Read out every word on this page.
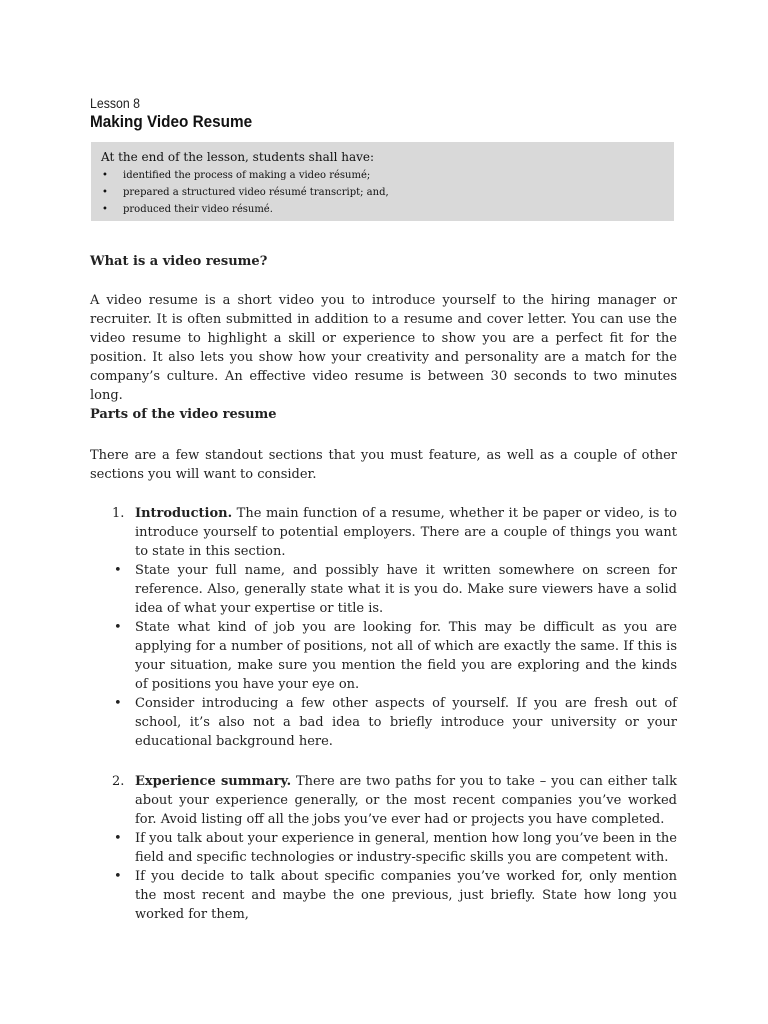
Lesson 8
Making Video Resume

At the end of the lesson, students shall have:

• identified the process of making a video résumé;
• prepared a structured video résumé transcript; and,
• produced their video résumé.
What is a video resume?

A video resume is a short video you to introduce yourself to the hiring manager or recruiter. It is often submitted in addition to a resume and cover letter. You can use the video resume to highlight a skill or experience to show you are a perfect fit for the position. It also lets you show how your creativity and personality are a match for the company’s culture. An effective video resume is between 30 seconds to two minutes long.

Parts of the video resume

There are a few standout sections that you must feature, as well as a couple of other sections you will want to consider.

1. Introduction. The main function of a resume, whether it be paper or video, is to introduce yourself to potential employers. There are a couple of things you want to state in this section.
• State your full name, and possibly have it written somewhere on screen for reference. Also, generally state what it is you do. Make sure viewers have a solid idea of what your expertise or title is.
• State what kind of job you are looking for. This may be difficult as you are applying for a number of positions, not all of which are exactly the same. If this is your situation, make sure you mention the field you are exploring and the kinds of positions you have your eye on.
• Consider introducing a few other aspects of yourself. If you are fresh out of school, it’s also not a bad idea to briefly introduce your university or your educational background here.
2. Experience summary. There are two paths for you to take – you can either talk about your experience generally, or the most recent companies you’ve worked for. Avoid listing off all the jobs you’ve ever had or projects you have completed.
• If you talk about your experience in general, mention how long you’ve been in the field and specific technologies or industry-specific skills you are competent with.
• If you decide to talk about specific companies you’ve worked for, only mention the most recent and maybe the one previous, just briefly. State how long you worked for them,
